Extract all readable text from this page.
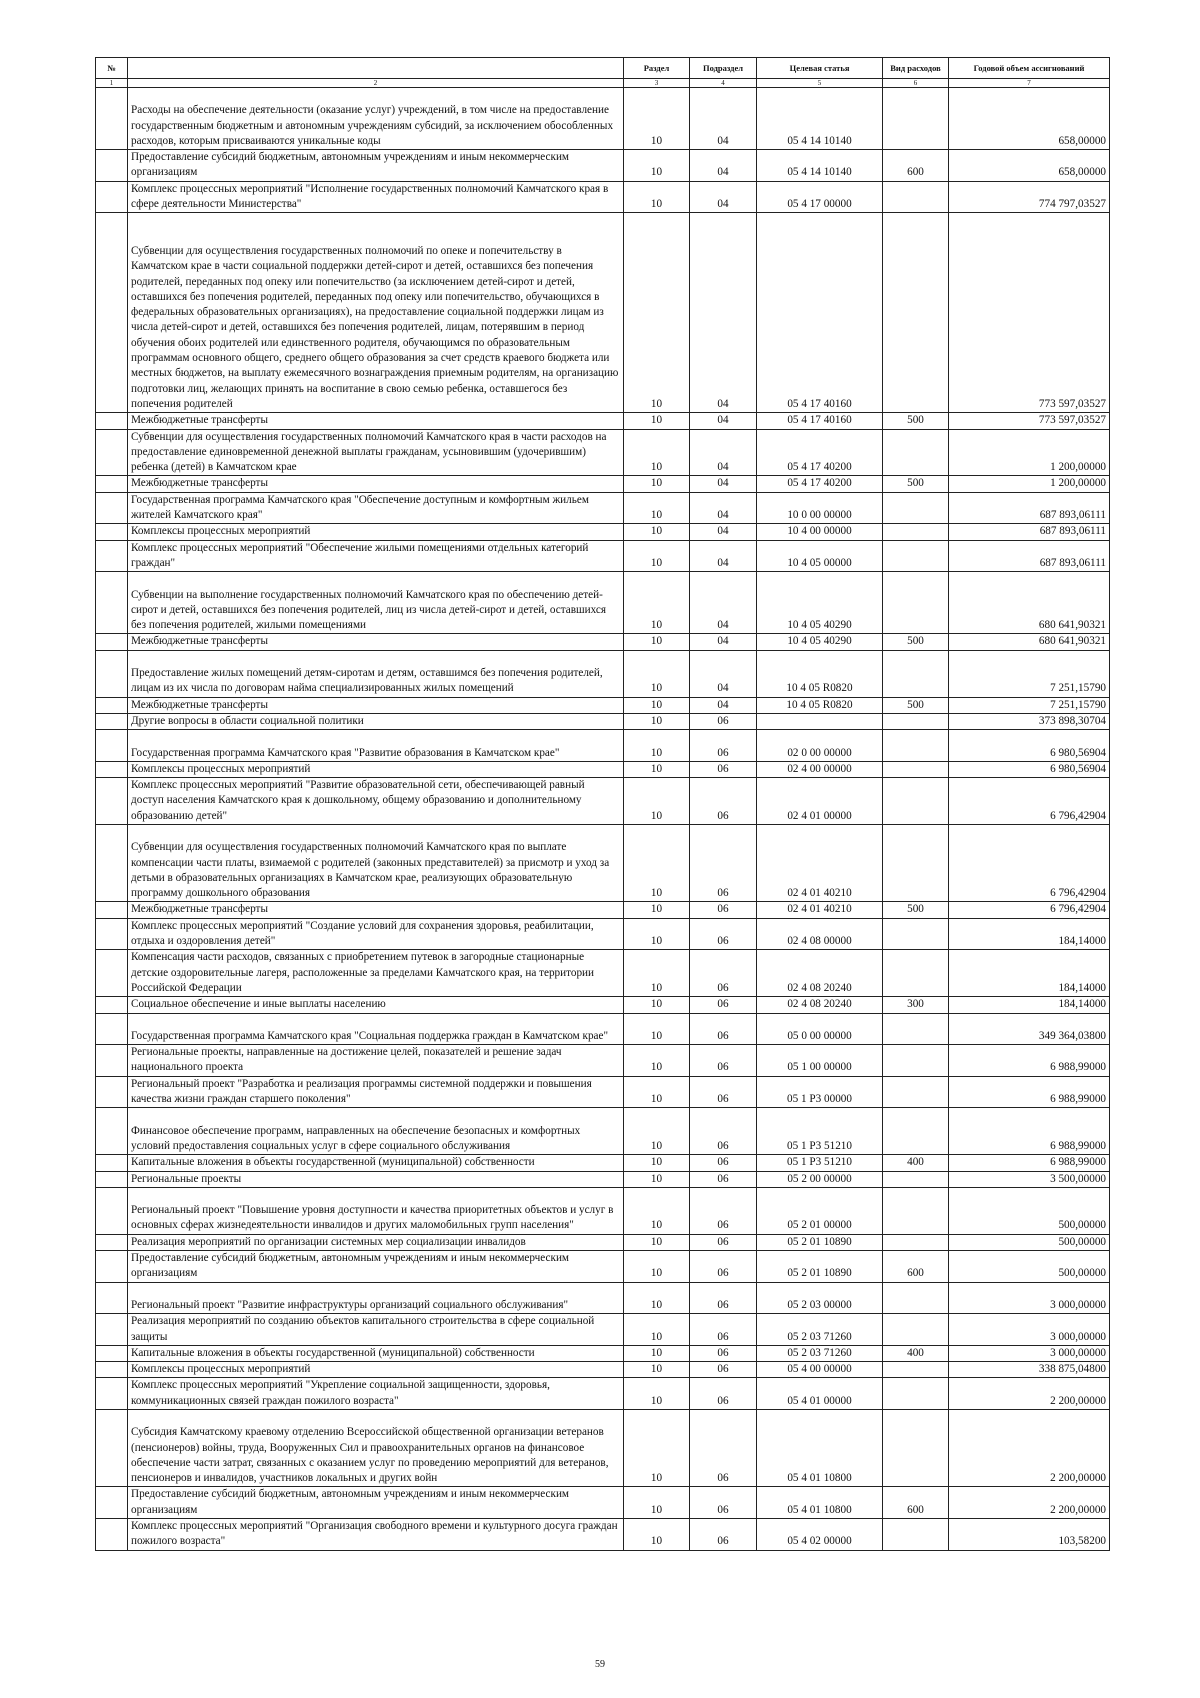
№		Раздел	Подраздел	Целевая статья	Вид расходов	Годовой объем ассигнований
1	2	3	4	5	6	7
	Расходы на обеспечение деятельности (оказание услуг) учреждений, в том числе на предоставление государственным бюджетным и автономным учреждениям субсидий, за исключением обособленных расходов, которым присваиваются уникальные коды	10	04	05 4 14 10140		658,00000
	Предоставление субсидий бюджетным, автономным учреждениям и иным некоммерческим организациям	10	04	05 4 14 10140	600	658,00000
	Комплекс процессных мероприятий "Исполнение государственных полномочий Камчатского края в сфере деятельности Министерства"	10	04	05 4 17 00000		774 797,03527
	Субвенции для осуществления государственных полномочий по опеке и попечительству в Камчатском крае в части социальной поддержки детей-сирот и детей, оставшихся без попечения родителей, переданных под опеку или попечительство (за исключением детей-сирот и детей, оставшихся без попечения родителей, переданных под опеку или попечительство, обучающихся в федеральных образовательных организациях), на предоставление социальной поддержки лицам из числа детей-сирот и детей, оставшихся без попечения родителей, лицам, потерявшим в период обучения обоих родителей или единственного родителя, обучающимся по образовательным программам основного общего, среднего общего образования за счет средств краевого бюджета или местных бюджетов, на выплату ежемесячного вознаграждения приемным родителям, на организацию подготовки лиц, желающих принять на воспитание в свою семью ребенка, оставшегося без попечения родителей	10	04	05 4 17 40160		773 597,03527
	Межбюджетные трансферты	10	04	05 4 17 40160	500	773 597,03527
	Субвенции для осуществления государственных полномочий Камчатского края в части расходов на предоставление единовременной денежной выплаты гражданам, усыновившим (удочерившим) ребенка (детей) в Камчатском крае	10	04	05 4 17 40200		1 200,00000
	Межбюджетные трансферты	10	04	05 4 17 40200	500	1 200,00000
	Государственная программа Камчатского края "Обеспечение доступным и комфортным жильем жителей Камчатского края"	10	04	10 0 00 00000		687 893,06111
	Комплексы процессных мероприятий	10	04	10 4 00 00000		687 893,06111
	Комплекс процессных мероприятий "Обеспечение жилыми помещениями отдельных категорий граждан"	10	04	10 4 05 00000		687 893,06111
	Субвенции на выполнение государственных полномочий Камчатского края по обеспечению детей-сирот и детей, оставшихся без попечения родителей, лиц из числа детей-сирот и детей, оставшихся без попечения родителей, жилыми помещениями	10	04	10 4 05 40290		680 641,90321
	Межбюджетные трансферты	10	04	10 4 05 40290	500	680 641,90321
	Предоставление жилых помещений детям-сиротам и детям, оставшимся без попечения родителей, лицам из их числа по договорам найма специализированных жилых помещений	10	04	10 4 05 R0820		7 251,15790
	Межбюджетные трансферты	10	04	10 4 05 R0820	500	7 251,15790
	Другие вопросы в области социальной политики	10	06			373 898,30704
	Государственная программа Камчатского края "Развитие образования в Камчатском крае"	10	06	02 0 00 00000		6 980,56904
	Комплексы процессных мероприятий	10	06	02 4 00 00000		6 980,56904
	Комплекс процессных мероприятий "Развитие образовательной сети, обеспечивающей равный доступ населения Камчатского края к дошкольному, общему образованию и дополнительному образованию детей"	10	06	02 4 01 00000		6 796,42904
	Субвенции для осуществления государственных полномочий Камчатского края по выплате компенсации части платы, взимаемой с родителей (законных представителей) за присмотр и уход за детьми в образовательных организациях в Камчатском крае, реализующих образовательную программу дошкольного образования	10	06	02 4 01 40210		6 796,42904
	Межбюджетные трансферты	10	06	02 4 01 40210	500	6 796,42904
	Комплекс процессных мероприятий "Создание условий для сохранения здоровья, реабилитации, отдыха и оздоровления детей"	10	06	02 4 08 00000		184,14000
	Компенсация части расходов, связанных с приобретением путевок в загородные стационарные детские оздоровительные лагеря, расположенные за пределами Камчатского края, на территории Российской Федерации	10	06	02 4 08 20240		184,14000
	Социальное обеспечение и иные выплаты населению	10	06	02 4 08 20240	300	184,14000
	Государственная программа Камчатского края "Социальная поддержка граждан в Камчатском крае"	10	06	05 0 00 00000		349 364,03800
	Региональные проекты, направленные на достижение целей, показателей и решение задач национального проекта	10	06	05 1 00 00000		6 988,99000
	Региональный проект "Разработка и реализация программы системной поддержки и повышения качества жизни граждан старшего поколения"	10	06	05 1 P3 00000		6 988,99000
	Финансовое обеспечение программ, направленных на обеспечение безопасных и комфортных условий предоставления социальных услуг в сфере социального обслуживания	10	06	05 1 P3 51210		6 988,99000
	Капитальные вложения в объекты государственной (муниципальной) собственности	10	06	05 1 P3 51210	400	6 988,99000
	Региональные проекты	10	06	05 2 00 00000		3 500,00000
	Региональный проект "Повышение уровня доступности и качества приоритетных объектов и услуг в основных сферах жизнедеятельности инвалидов и других маломобильных групп населения"	10	06	05 2 01 00000		500,00000
	Реализация мероприятий по организации системных мер социализации инвалидов	10	06	05 2 01 10890		500,00000
	Предоставление субсидий бюджетным, автономным учреждениям и иным некоммерческим организациям	10	06	05 2 01 10890	600	500,00000
	Региональный проект "Развитие инфраструктуры организаций социального обслуживания"	10	06	05 2 03 00000		3 000,00000
	Реализация мероприятий по созданию объектов капитального строительства в сфере социальной защиты	10	06	05 2 03 71260		3 000,00000
	Капитальные вложения в объекты государственной (муниципальной) собственности	10	06	05 2 03 71260	400	3 000,00000
	Комплексы процессных мероприятий	10	06	05 4 00 00000		338 875,04800
	Комплекс процессных мероприятий "Укрепление социальной защищенности, здоровья, коммуникационных связей граждан пожилого возраста"	10	06	05 4 01 00000		2 200,00000
	Субсидия Камчатскому краевому отделению Всероссийской общественной организации ветеранов (пенсионеров) войны, труда, Вооруженных Сил и правоохранительных органов на финансовое обеспечение части затрат, связанных с оказанием услуг по проведению мероприятий для ветеранов, пенсионеров и инвалидов, участников локальных и других войн	10	06	05 4 01 10800		2 200,00000
	Предоставление субсидий бюджетным, автономным учреждениям и иным некоммерческим организациям	10	06	05 4 01 10800	600	2 200,00000
	Комплекс процессных мероприятий "Организация свободного времени и культурного досуга граждан пожилого возраста"	10	06	05 4 02 00000		103,58200
59
